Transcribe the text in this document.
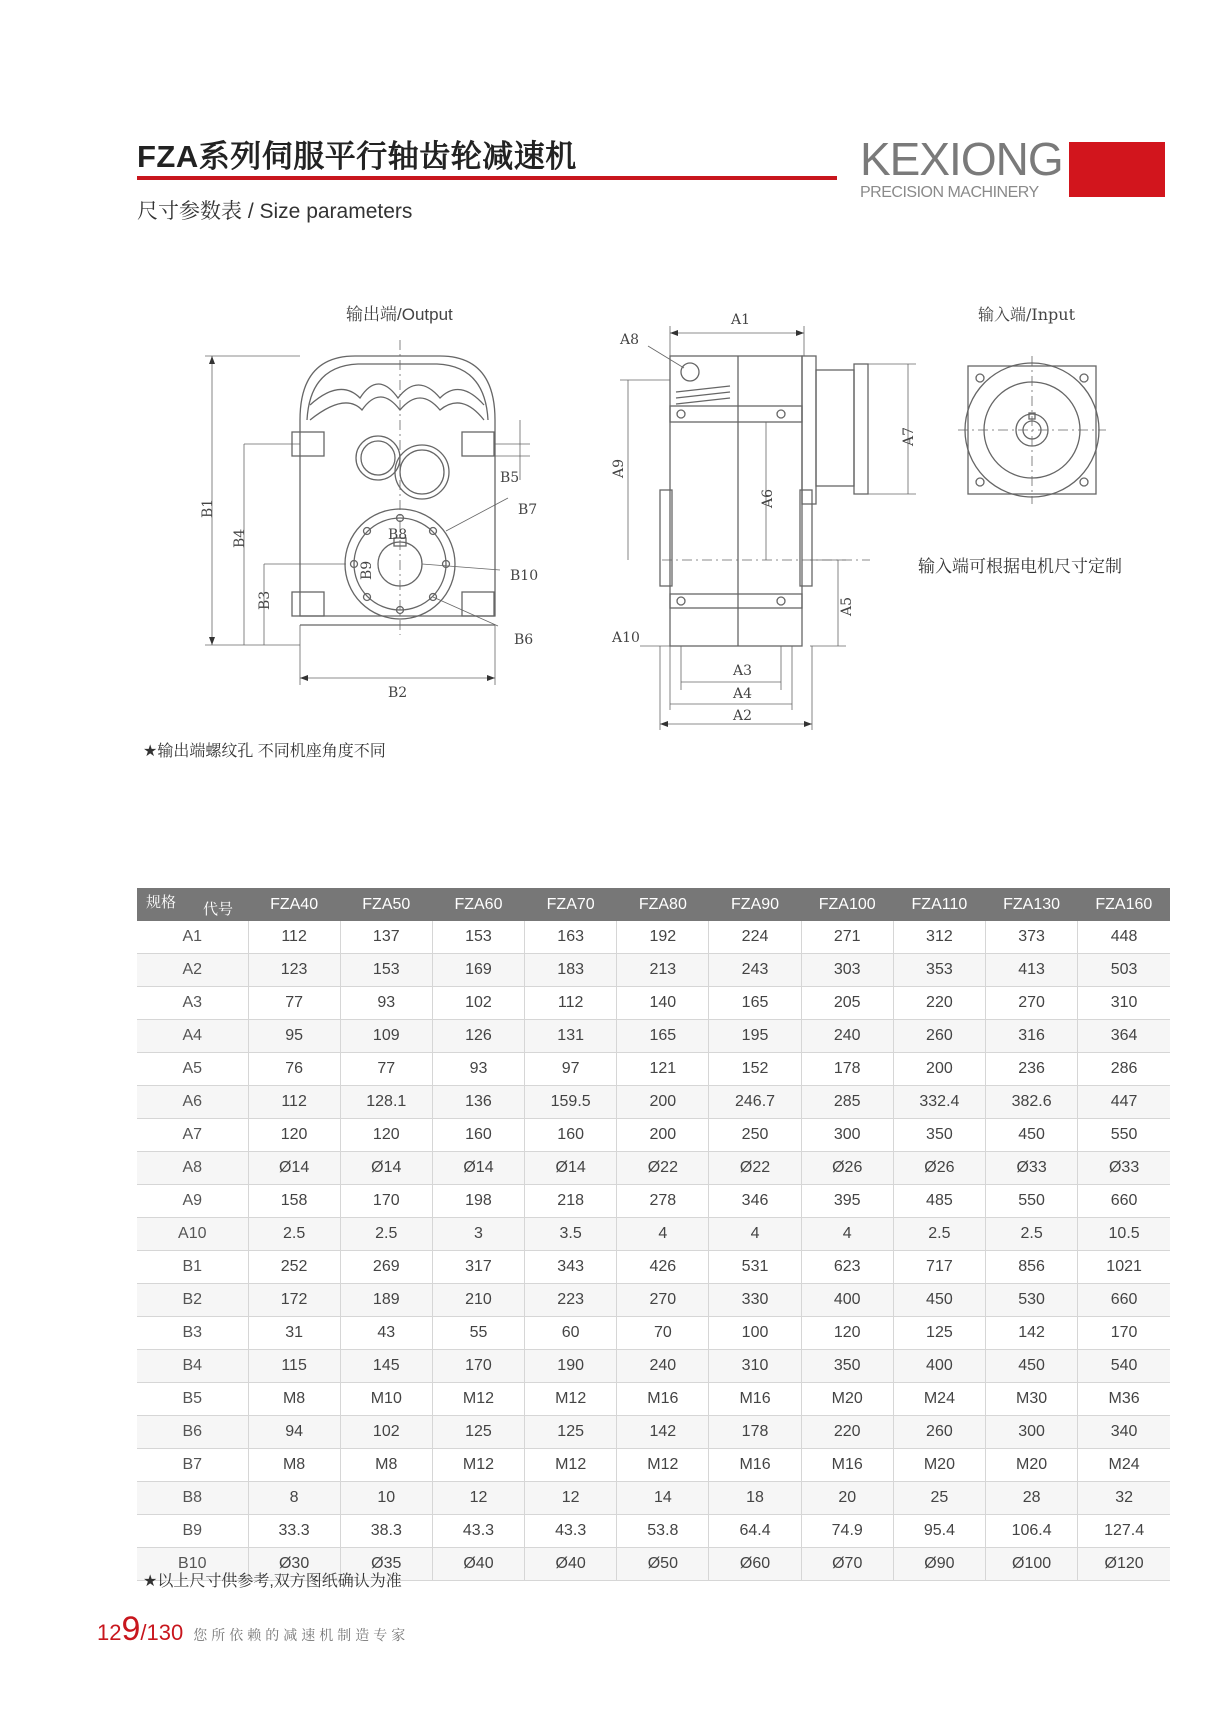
FZA系列伺服平行轴齿轮减速机
尺寸参数表 / Size parameters
KEXIONG
PRECISION MACHINERY
输出端/Output	输入端/Input
B1
B4
B3
B2
B5
B7
B8
B9	B10
B6
A1
A8
A9
A6
A7
A5
A10
A3
A4
A2
输入端可根据电机尺寸定制
★输出端螺纹孔 不同机座角度不同
规格 代号	FZA40	FZA50	FZA60	FZA70	FZA80	FZA90	FZA100	FZA110	FZA130	FZA160
A1	112	137	153	163	192	224	271	312	373	448
A2	123	153	169	183	213	243	303	353	413	503
A3	77	93	102	112	140	165	205	220	270	310
A4	95	109	126	131	165	195	240	260	316	364
A5	76	77	93	97	121	152	178	200	236	286
A6	112	128.1	136	159.5	200	246.7	285	332.4	382.6	447
A7	120	120	160	160	200	250	300	350	450	550
A8	Ø14	Ø14	Ø14	Ø14	Ø22	Ø22	Ø26	Ø26	Ø33	Ø33
A9	158	170	198	218	278	346	395	485	550	660
A10	2.5	2.5	3	3.5	4	4	4	2.5	2.5	10.5
B1	252	269	317	343	426	531	623	717	856	1021
B2	172	189	210	223	270	330	400	450	530	660
B3	31	43	55	60	70	100	120	125	142	170
B4	115	145	170	190	240	310	350	400	450	540
B5	M8	M10	M12	M12	M16	M16	M20	M24	M30	M36
B6	94	102	125	125	142	178	220	260	300	340
B7	M8	M8	M12	M12	M12	M16	M16	M20	M20	M24
B8	8	10	12	12	14	18	20	25	28	32
B9	33.3	38.3	43.3	43.3	53.8	64.4	74.9	95.4	106.4	127.4
B10	Ø30	Ø35	Ø40	Ø40	Ø50	Ø60	Ø70	Ø90	Ø100	Ø120
★以上尺寸供参考,双方图纸确认为准
12 9 /130 您所依赖的减速机制造专家
